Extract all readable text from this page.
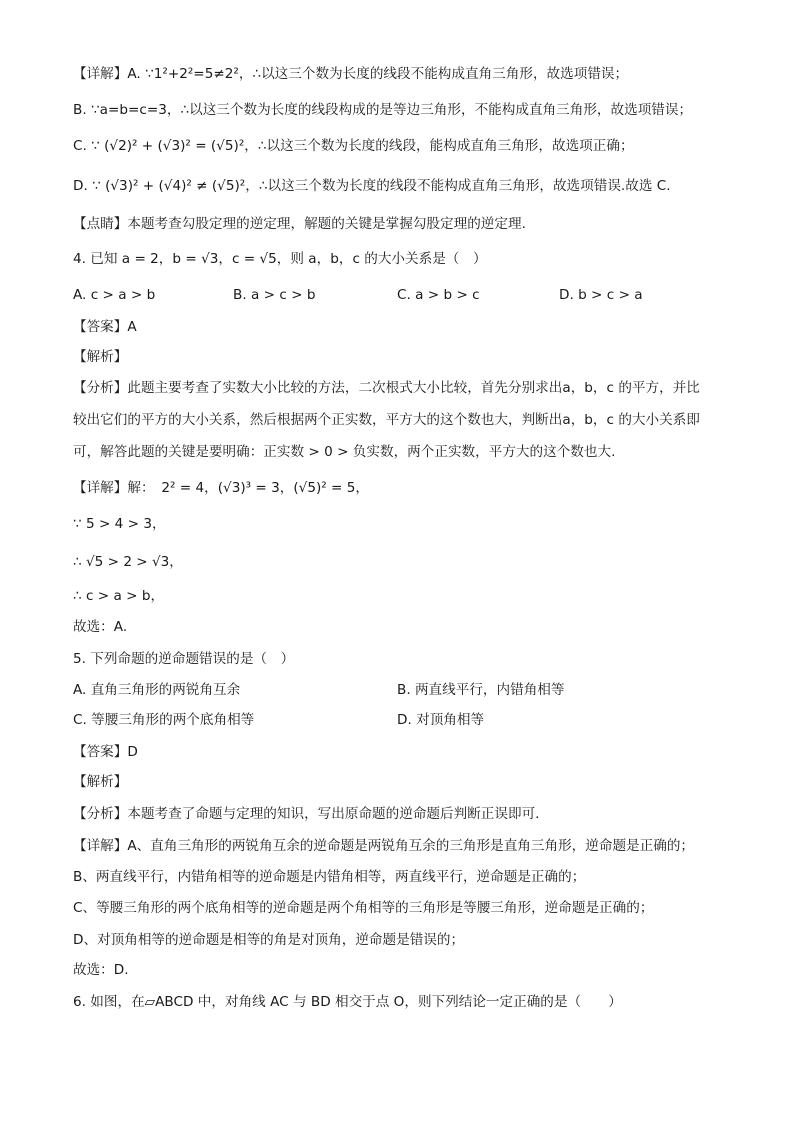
【详解】A. ∵1²+2²=5≠2²，∴以这三个数为长度的线段不能构成直角三角形，故选项错误；
B. ∵a=b=c=3，∴以这三个数为长度的线段构成的是等边三角形，不能构成直角三角形，故选项错误；
C. ∵ (√2)² + (√3)² = (√5)²，∴以这三个数为长度的线段，能构成直角三角形，故选项正确；
D. ∵ (√3)² + (√4)² ≠ (√5)²，∴以这三个数为长度的线段不能构成直角三角形，故选项错误.故选 C.
【点睛】本题考查勾股定理的逆定理，解题的关键是掌握勾股定理的逆定理.
4. 已知 a = 2，b = √3，c = √5，则 a，b，c 的大小关系是（　）
A. c > a > b	B. a > c > b	C. a > b > c	D. b > c > a
【答案】A
【解析】
【分析】此题主要考查了实数大小比较的方法，二次根式大小比较，首先分别求出a，b，c 的平方，并比
较出它们的平方的大小关系，然后根据两个正实数，平方大的这个数也大，判断出a，b，c 的大小关系即
可，解答此题的关键是要明确：正实数 > 0 > 负实数，两个正实数，平方大的这个数也大.
【详解】解：　2² = 4，(√3)³ = 3，(√5)² = 5，
∵ 5 > 4 > 3，
∴ √5 > 2 > √3，
∴ c > a > b，
故选：A.
5. 下列命题的逆命题错误的是（　）
A. 直角三角形的两锐角互余	B. 两直线平行，内错角相等
C. 等腰三角形的两个底角相等	D. 对顶角相等
【答案】D
【解析】
【分析】本题考查了命题与定理的知识，写出原命题的逆命题后判断正误即可.
【详解】A、直角三角形的两锐角互余的逆命题是两锐角互余的三角形是直角三角形，逆命题是正确的；
B、两直线平行，内错角相等的逆命题是内错角相等，两直线平行，逆命题是正确的；
C、等腰三角形的两个底角相等的逆命题是两个角相等的三角形是等腰三角形，逆命题是正确的；
D、对顶角相等的逆命题是相等的角是对顶角，逆命题是错误的；
故选：D.
6. 如图，在▱ABCD 中，对角线 AC 与 BD 相交于点 O，则下列结论一定正确的是（　　）
